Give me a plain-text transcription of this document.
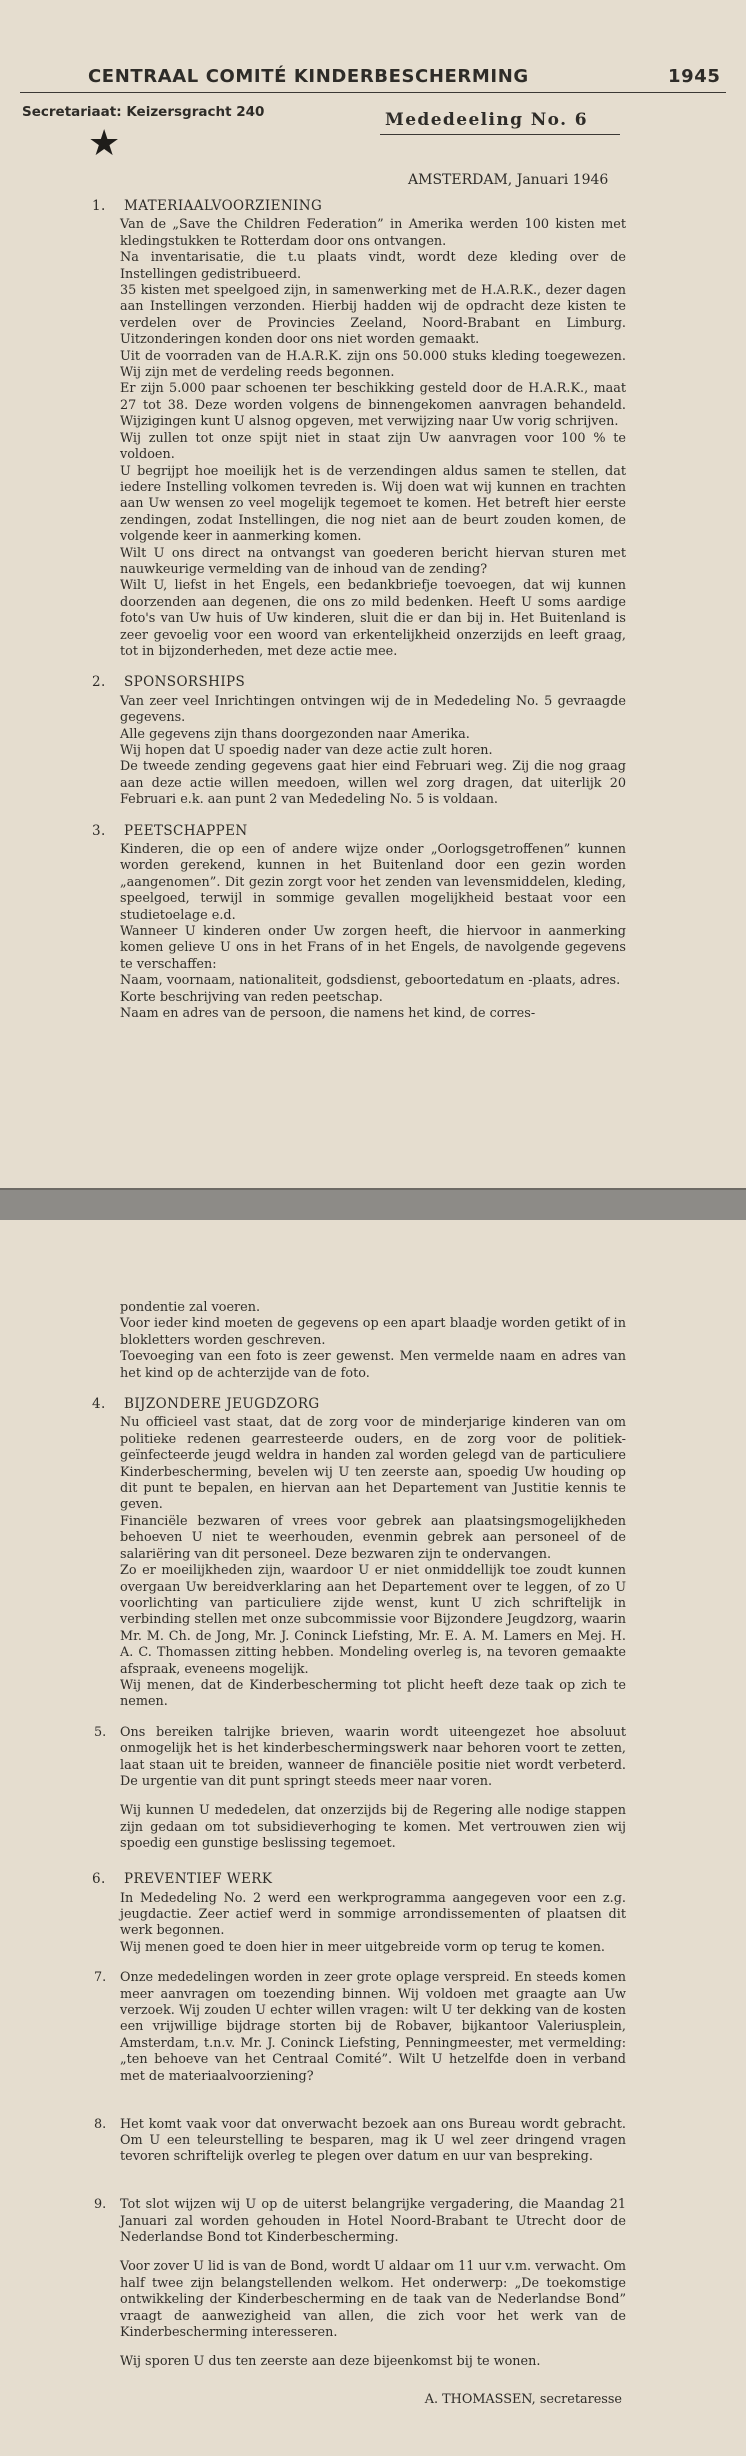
CENTRAAL COMITÉ KINDERBESCHERMING	1945
Secretariaat: Keizersgracht 240	Mededeeling No. 6
★
AMSTERDAM, Januari 1946
1. MATERIAALVOORZIENING

Van de „Save the Children Federation” in Amerika werden 100 kisten met kledingstukken te Rotterdam door ons ontvangen.

Na inventarisatie, die t.u plaats vindt, wordt deze kleding over de Instellingen gedistribueerd.

35 kisten met speelgoed zijn, in samenwerking met de H.A.R.K., dezer dagen aan Instellingen verzonden. Hierbij hadden wij de opdracht deze kisten te verdelen over de Provincies Zeeland, Noord-Brabant en Limburg. Uitzonderingen konden door ons niet worden gemaakt.

Uit de voorraden van de H.A.R.K. zijn ons 50.000 stuks kleding toegewezen. Wij zijn met de verdeling reeds begonnen.

Er zijn 5.000 paar schoenen ter beschikking gesteld door de H.A.R.K., maat 27 tot 38. Deze worden volgens de binnengekomen aanvragen behandeld. Wijzigingen kunt U alsnog opgeven, met verwijzing naar Uw vorig schrijven.

Wij zullen tot onze spijt niet in staat zijn Uw aanvragen voor 100 % te voldoen.

U begrijpt hoe moeilijk het is de verzendingen aldus samen te stellen, dat iedere Instelling volkomen tevreden is. Wij doen wat wij kunnen en trachten aan Uw wensen zo veel mogelijk tegemoet te komen. Het betreft hier eerste zendingen, zodat Instellingen, die nog niet aan de beurt zouden komen, de volgende keer in aanmerking komen.

Wilt U ons direct na ontvangst van goederen bericht hiervan sturen met nauwkeurige vermelding van de inhoud van de zending?

Wilt U, liefst in het Engels, een bedankbriefje toevoegen, dat wij kunnen doorzenden aan degenen, die ons zo mild bedenken. Heeft U soms aardige foto's van Uw huis of Uw kinderen, sluit die er dan bij in. Het Buitenland is zeer gevoelig voor een woord van erkentelijkheid onzerzijds en leeft graag, tot in bijzonderheden, met deze actie mee.

2. SPONSORSHIPS

Van zeer veel Inrichtingen ontvingen wij de in Mededeling No. 5 gevraagde gegevens.

Alle gegevens zijn thans doorgezonden naar Amerika.

Wij hopen dat U spoedig nader van deze actie zult horen.

De tweede zending gegevens gaat hier eind Februari weg. Zij die nog graag aan deze actie willen meedoen, willen wel zorg dragen, dat uiterlijk 20 Februari e.k. aan punt 2 van Mededeling No. 5 is voldaan.

3. PEETSCHAPPEN

Kinderen, die op een of andere wijze onder „Oorlogsgetroffenen” kunnen worden gerekend, kunnen in het Buitenland door een gezin worden „aangenomen”. Dit gezin zorgt voor het zenden van levensmiddelen, kleding, speelgoed, terwijl in sommige gevallen mogelijkheid bestaat voor een studietoelage e.d.

Wanneer U kinderen onder Uw zorgen heeft, die hiervoor in aanmerking komen gelieve U ons in het Frans of in het Engels, de navolgende gegevens te verschaffen:

Naam, voornaam, nationaliteit, godsdienst, geboortedatum en -plaats, adres.

Korte beschrijving van reden peetschap.

Naam en adres van de persoon, die namens het kind, de corres-

pondentie zal voeren.

Voor ieder kind moeten de gegevens op een apart blaadje worden getikt of in blokletters worden geschreven.

Toevoeging van een foto is zeer gewenst. Men vermelde naam en adres van het kind op de achterzijde van de foto.

4. BIJZONDERE JEUGDZORG

Nu officieel vast staat, dat de zorg voor de minderjarige kinderen van om politieke redenen gearresteerde ouders, en de zorg voor de politiek-geïnfecteerde jeugd weldra in handen zal worden gelegd van de particuliere Kinderbescherming, bevelen wij U ten zeerste aan, spoedig Uw houding op dit punt te bepalen, en hiervan aan het Departement van Justitie kennis te geven.

Financiële bezwaren of vrees voor gebrek aan plaatsingsmogelijkheden behoeven U niet te weerhouden, evenmin gebrek aan personeel of de salariëring van dit personeel. Deze bezwaren zijn te ondervangen.

Zo er moeilijkheden zijn, waardoor U er niet onmiddellijk toe zoudt kunnen overgaan Uw bereidverklaring aan het Departement over te leggen, of zo U voorlichting van particuliere zijde wenst, kunt U zich schriftelijk in verbinding stellen met onze subcommissie voor Bijzondere Jeugdzorg, waarin Mr. M. Ch. de Jong, Mr. J. Coninck Liefsting, Mr. E. A. M. Lamers en Mej. H. A. C. Thomassen zitting hebben. Mondeling overleg is, na tevoren gemaakte afspraak, eveneens mogelijk.

Wij menen, dat de Kinderbescherming tot plicht heeft deze taak op zich te nemen.

5. Ons bereiken talrijke brieven, waarin wordt uiteengezet hoe absoluut onmogelijk het is het kinderbeschermingswerk naar behoren voort te zetten, laat staan uit te breiden, wanneer de financiële positie niet wordt verbeterd. De urgentie van dit punt springt steeds meer naar voren.

Wij kunnen U mededelen, dat onzerzijds bij de Regering alle nodige stappen zijn gedaan om tot subsidieverhoging te komen. Met vertrouwen zien wij spoedig een gunstige beslissing tegemoet.

6. PREVENTIEF WERK

In Mededeling No. 2 werd een werkprogramma aangegeven voor een z.g. jeugdactie. Zeer actief werd in sommige arrondissementen of plaatsen dit werk begonnen.

Wij menen goed te doen hier in meer uitgebreide vorm op terug te komen.

7. Onze mededelingen worden in zeer grote oplage verspreid. En steeds komen meer aanvragen om toezending binnen. Wij voldoen met graagte aan Uw verzoek. Wij zouden U echter willen vragen: wilt U ter dekking van de kosten een vrijwillige bijdrage storten bij de Robaver, bijkantoor Valeriusplein, Amsterdam, t.n.v. Mr. J. Coninck Liefsting, Penningmeester, met vermelding: „ten behoeve van het Centraal Comité”. Wilt U hetzelfde doen in verband met de materiaalvoorziening?

8. Het komt vaak voor dat onverwacht bezoek aan ons Bureau wordt gebracht. Om U een teleurstelling te besparen, mag ik U wel zeer dringend vragen tevoren schriftelijk overleg te plegen over datum en uur van bespreking.

9. Tot slot wijzen wij U op de uiterst belangrijke vergadering, die Maandag 21 Januari zal worden gehouden in Hotel Noord-Brabant te Utrecht door de Nederlandse Bond tot Kinderbescherming.

Voor zover U lid is van de Bond, wordt U aldaar om 11 uur v.m. verwacht. Om half twee zijn belangstellenden welkom. Het onderwerp: „De toekomstige ontwikkeling der Kinderbescherming en de taak van de Nederlandse Bond” vraagt de aanwezigheid van allen, die zich voor het werk van de Kinderbescherming interesseren.

Wij sporen U dus ten zeerste aan deze bijeenkomst bij te wonen.

A. THOMASSEN, secretaresse
